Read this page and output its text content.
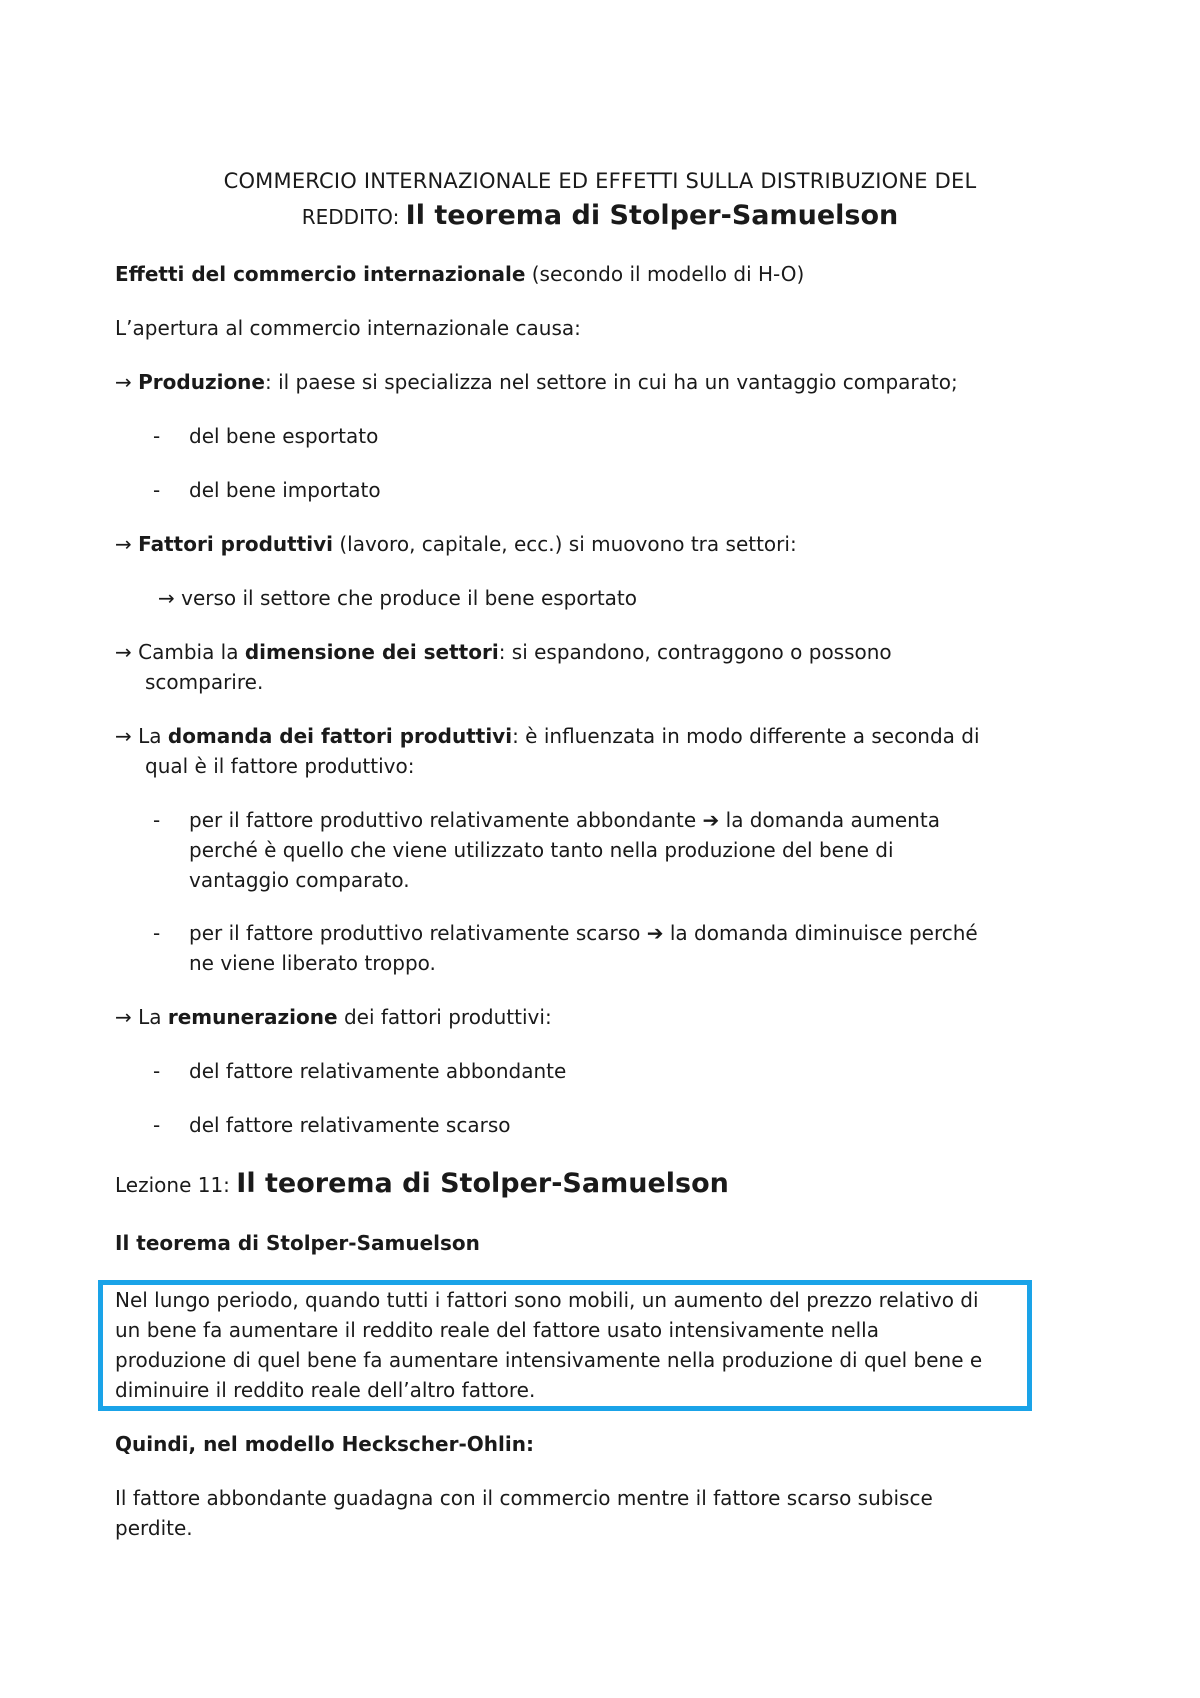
COMMERCIO INTERNAZIONALE ED EFFETTI SULLA DISTRIBUZIONE DEL
REDDITO: Il teorema di Stolper-Samuelson
Effetti del commercio internazionale (secondo il modello di H-O)
L’apertura al commercio internazionale causa:
→ Produzione: il paese si specializza nel settore in cui ha un vantaggio comparato;
- del bene esportato
- del bene importato
→ Fattori produttivi (lavoro, capitale, ecc.) si muovono tra settori:
→ verso il settore che produce il bene esportato
→ Cambia la dimensione dei settori: si espandono, contraggono o possono
scomparire.
→ La domanda dei fattori produttivi: è influenzata in modo differente a seconda di
qual è il fattore produttivo:
- per il fattore produttivo relativamente abbondante ➔ la domanda aumenta
perché è quello che viene utilizzato tanto nella produzione del bene di
vantaggio comparato.
- per il fattore produttivo relativamente scarso ➔ la domanda diminuisce perché
ne viene liberato troppo.
→ La remunerazione dei fattori produttivi:
- del fattore relativamente abbondante
- del fattore relativamente scarso
Lezione 11: Il teorema di Stolper-Samuelson
Il teorema di Stolper-Samuelson
Nel lungo periodo, quando tutti i fattori sono mobili, un aumento del prezzo relativo di
un bene fa aumentare il reddito reale del fattore usato intensivamente nella
produzione di quel bene fa aumentare intensivamente nella produzione di quel bene e
diminuire il reddito reale dell’altro fattore.
Quindi, nel modello Heckscher-Ohlin:
Il fattore abbondante guadagna con il commercio mentre il fattore scarso subisce
perdite.
